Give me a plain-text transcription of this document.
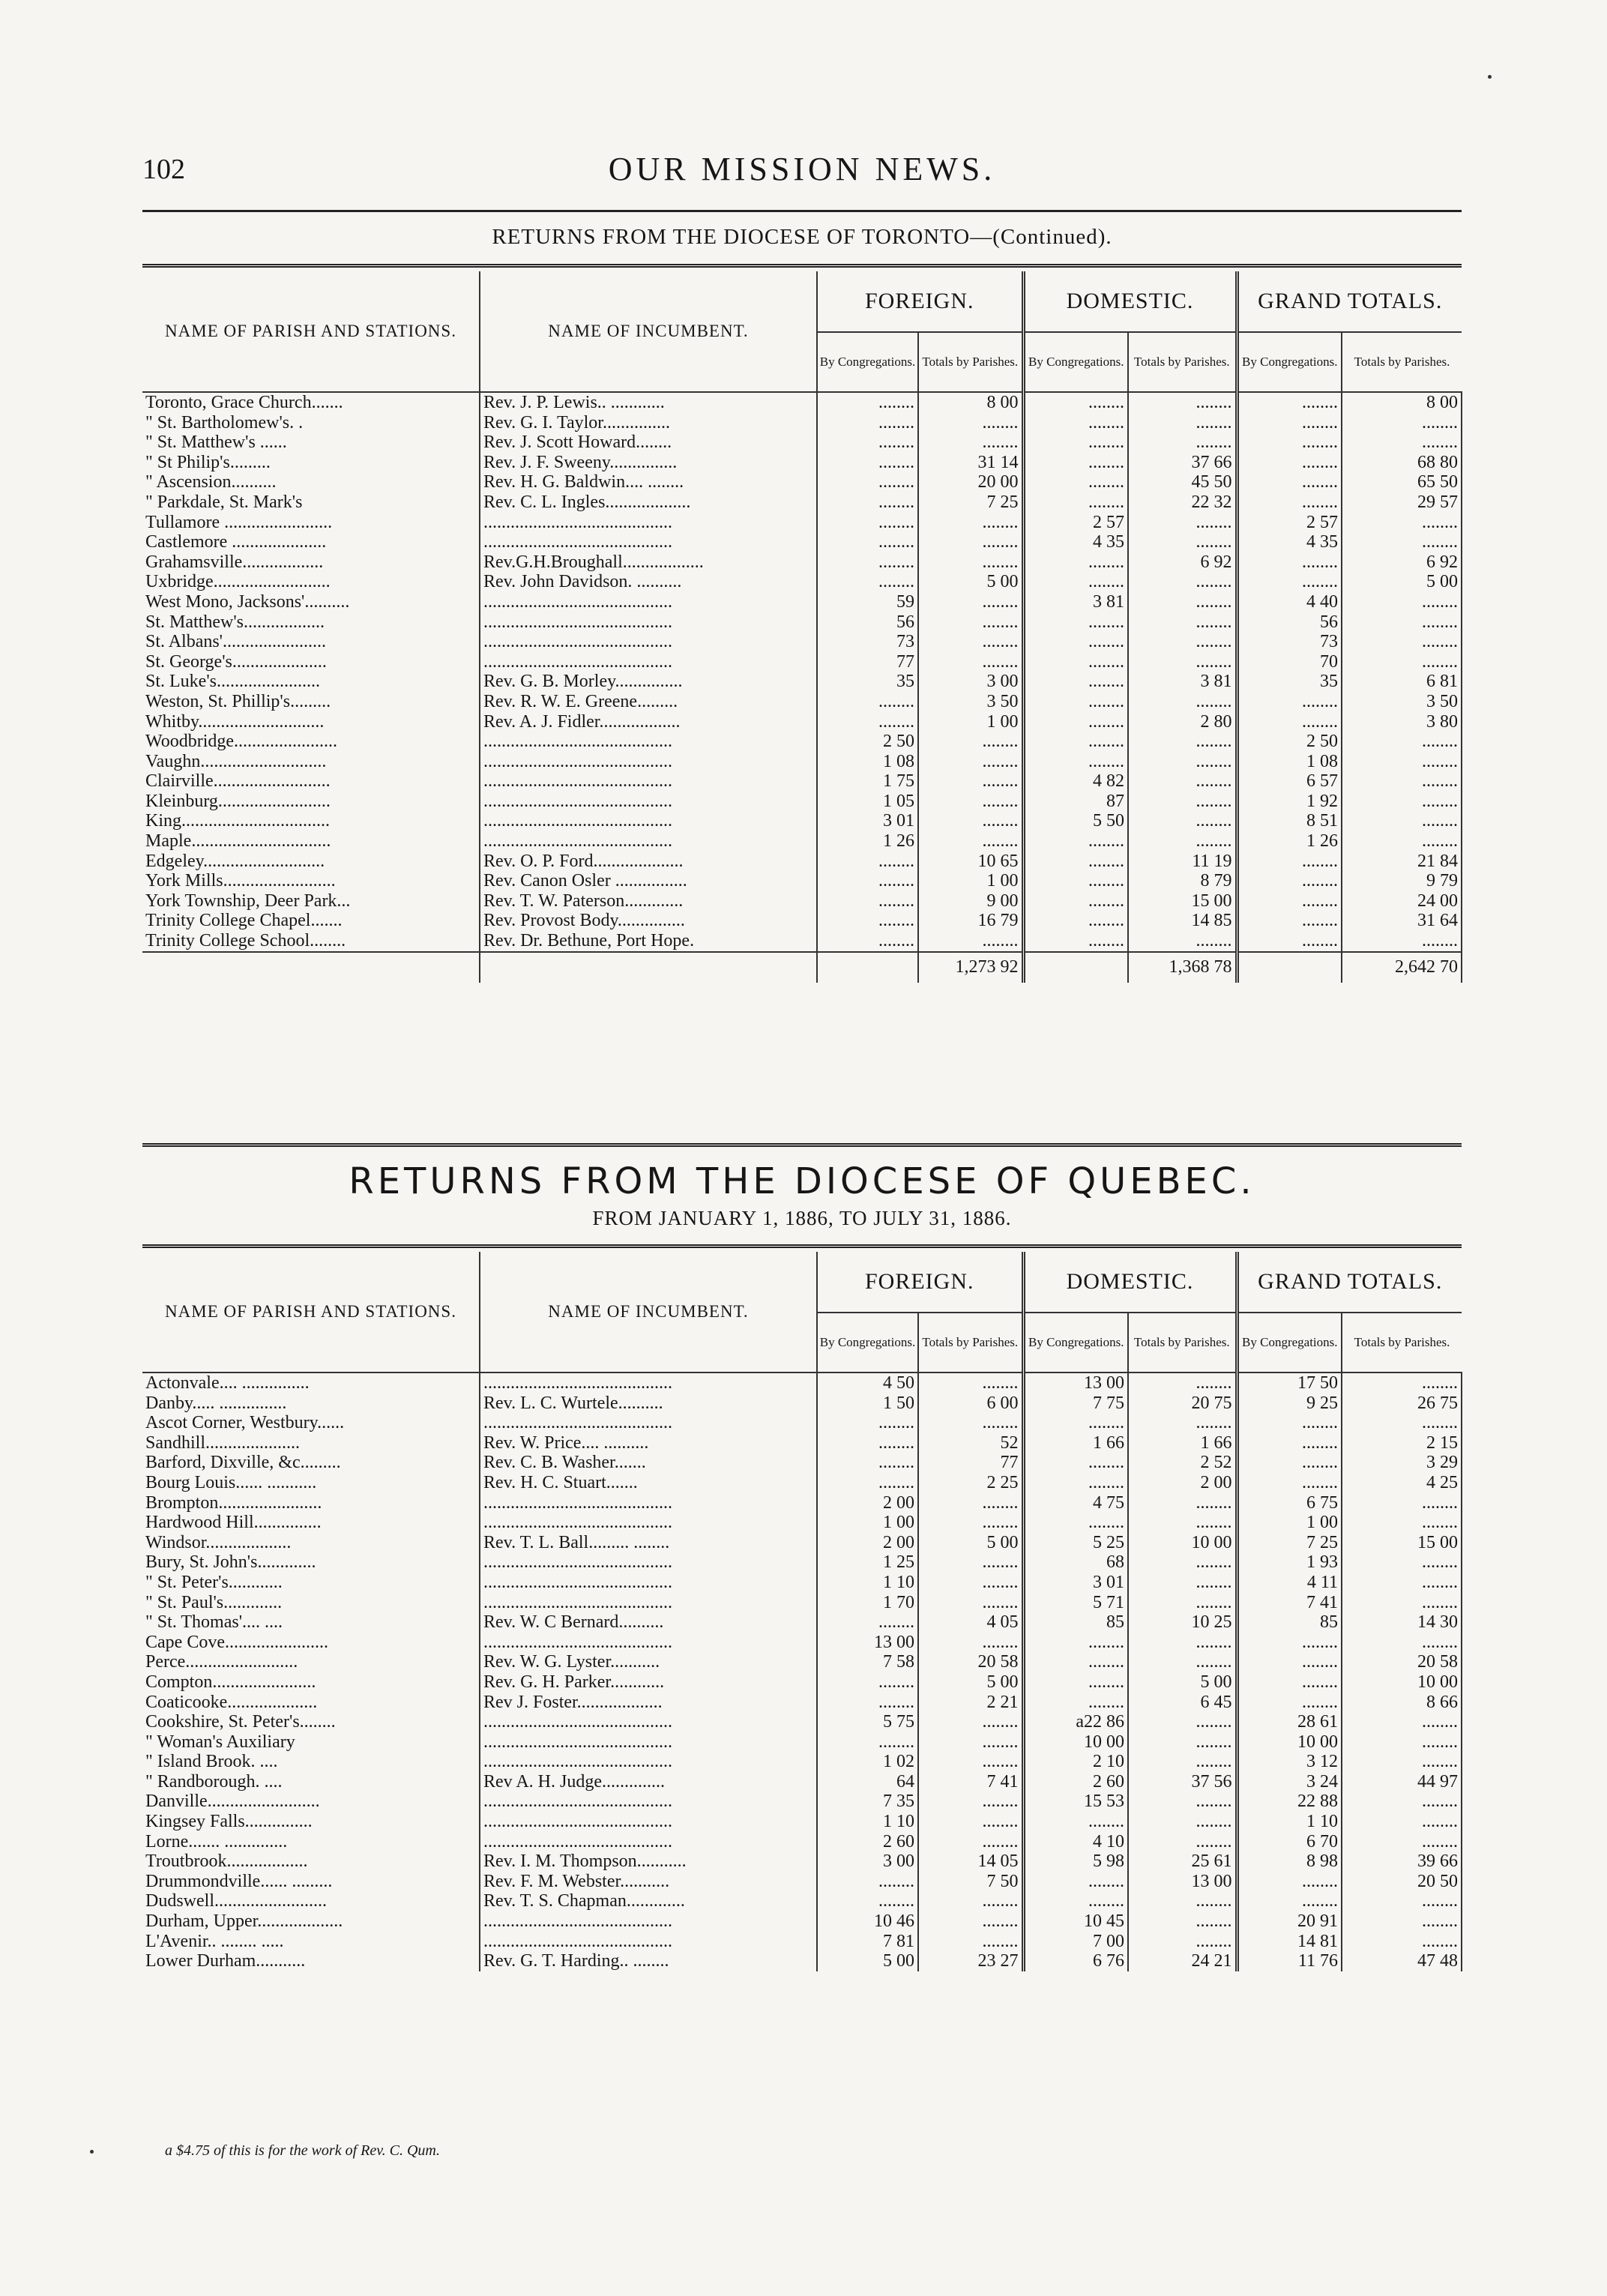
102	OUR MISSION NEWS.
RETURNS FROM THE DIOCESE OF TORONTO—(Continued).
NAME OF PARISH AND STATIONS.	NAME OF INCUMBENT.	FOREIGN.		DOMESTIC.		GRAND TOTALS.	
		By Congregations.	Totals by Parishes.	By Congregations.	Totals by Parishes.	By Congregations.	Totals by Parishes.
Toronto, Grace Church.......	Rev. J. P. Lewis.. ............	........	8 00	........	........	........	8 00
" St. Bartholomew's. .	Rev. G. I. Taylor...............	........	........	........	........	........	........
" St. Matthew's ......	Rev. J. Scott Howard........	........	........	........	........	........	........
" St Philip's.........	Rev. J. F. Sweeny...............	........	31 14	........	37 66	........	68 80
" Ascension..........	Rev. H. G. Baldwin.... ........	........	20 00	........	45 50	........	65 50
" Parkdale, St. Mark's	Rev. C. L. Ingles...................	........	7 25	........	22 32	........	29 57
Tullamore ........................	..........................................	........	........	2 57	........	2 57	........
Castlemore .....................	..........................................	........	........	4 35	........	4 35	........
Grahamsville..................	Rev.G.H.Broughall..................	........	........	........	6 92	........	6 92
Uxbridge..........................	Rev. John Davidson. ..........	........	5 00	........	........	........	5 00
West Mono, Jacksons'..........	..........................................	59	........	3 81	........	4 40	........
St. Matthew's..................	..........................................	56	........	........	........	56	........
St. Albans'.......................	..........................................	73	........	........	........	73	........
St. George's.....................	..........................................	77	........	........	........	70	........
St. Luke's.......................	Rev. G. B. Morley...............	35	3 00	........	3 81	35	6 81
Weston, St. Phillip's.........	Rev. R. W. E. Greene.........	........	3 50	........	........	........	3 50
Whitby............................	Rev. A. J. Fidler..................	........	1 00	........	2 80	........	3 80
Woodbridge.......................	..........................................	2 50	........	........	........	2 50	........
Vaughn............................	..........................................	1 08	........	........	........	1 08	........
Clairville..........................	..........................................	1 75	........	4 82	........	6 57	........
Kleinburg.........................	..........................................	1 05	........	87	........	1 92	........
King.................................	..........................................	3 01	........	5 50	........	8 51	........
Maple...............................	..........................................	1 26	........	........	........	1 26	........
Edgeley...........................	Rev. O. P. Ford....................	........	10 65	........	11 19	........	21 84
York Mills.........................	Rev. Canon Osler ................	........	1 00	........	8 79	........	9 79
York Township, Deer Park...	Rev. T. W. Paterson.............	........	9 00	........	15 00	........	24 00
Trinity College Chapel.......	Rev. Provost Body...............	........	16 79	........	14 85	........	31 64
Trinity College School........	Rev. Dr. Bethune, Port Hope.	........	........	........	........	........	........
			1,273 92		1,368 78		2,642 70
RETURNS FROM THE DIOCESE OF QUEBEC.
FROM JANUARY 1, 1886, TO JULY 31, 1886.
NAME OF PARISH AND STATIONS.	NAME OF INCUMBENT.	FOREIGN.		DOMESTIC.		GRAND TOTALS.	
		By Congregations.	Totals by Parishes.	By Congregations.	Totals by Parishes.	By Congregations.	Totals by Parishes.
Actonvale.... ...............	..........................................	4 50	........	13 00	........	17 50	........
Danby..... ...............	Rev. L. C. Wurtele..........	1 50	6 00	7 75	20 75	9 25	26 75
Ascot Corner, Westbury......	..........................................	........	........	........	........	........	........
Sandhill.....................	Rev. W. Price.... ..........	........	52	1 66	1 66	........	2 15
Barford, Dixville, &c.........	Rev. C. B. Washer.......	........	77	........	2 52	........	3 29
Bourg Louis...... ...........	Rev. H. C. Stuart.......	........	2 25	........	2 00	........	4 25
Brompton.......................	..........................................	2 00	........	4 75	........	6 75	........
Hardwood Hill...............	..........................................	1 00	........	........	........	1 00	........
Windsor...................	Rev. T. L. Ball......... ........	2 00	5 00	5 25	10 00	7 25	15 00
Bury, St. John's.............	..........................................	1 25	........	68	........	1 93	........
" St. Peter's............	..........................................	1 10	........	3 01	........	4 11	........
" St. Paul's.............	..........................................	1 70	........	5 71	........	7 41	........
" St. Thomas'.... ....	Rev. W. C Bernard..........	........	4 05	85	10 25	85	14 30
Cape Cove.......................	..........................................	13 00	........	........	........	........	........
Perce.........................	Rev. W. G. Lyster...........	7 58	20 58	........	........	........	20 58
Compton.......................	Rev. G. H. Parker............	........	5 00	........	5 00	........	10 00
Coaticooke....................	Rev J. Foster...................	........	2 21	........	6 45	........	8 66
Cookshire, St. Peter's........	..........................................	5 75	........	a22 86	........	28 61	........
" Woman's Auxiliary	..........................................	........	........	10 00	........	10 00	........
" Island Brook. ....	..........................................	1 02	........	2 10	........	3 12	........
" Randborough. ....	Rev A. H. Judge..............	64	7 41	2 60	37 56	3 24	44 97
Danville.........................	..........................................	7 35	........	15 53	........	22 88	........
Kingsey Falls...............	..........................................	1 10	........	........	........	1 10	........
Lorne....... ..............	..........................................	2 60	........	4 10	........	6 70	........
Troutbrook..................	Rev. I. M. Thompson...........	3 00	14 05	5 98	25 61	8 98	39 66
Drummondville...... .........	Rev. F. M. Webster...........	........	7 50	........	13 00	........	20 50
Dudswell.........................	Rev. T. S. Chapman.............	........	........	........	........	........	........
Durham, Upper...................	..........................................	10 46	........	10 45	........	20 91	........
L'Avenir.. ........ .....	..........................................	7 81	........	7 00	........	14 81	........
Lower Durham...........	Rev. G. T. Harding.. ........	5 00	23 27	6 76	24 21	11 76	47 48
a $4.75 of this is for the work of Rev. C. Qum.
